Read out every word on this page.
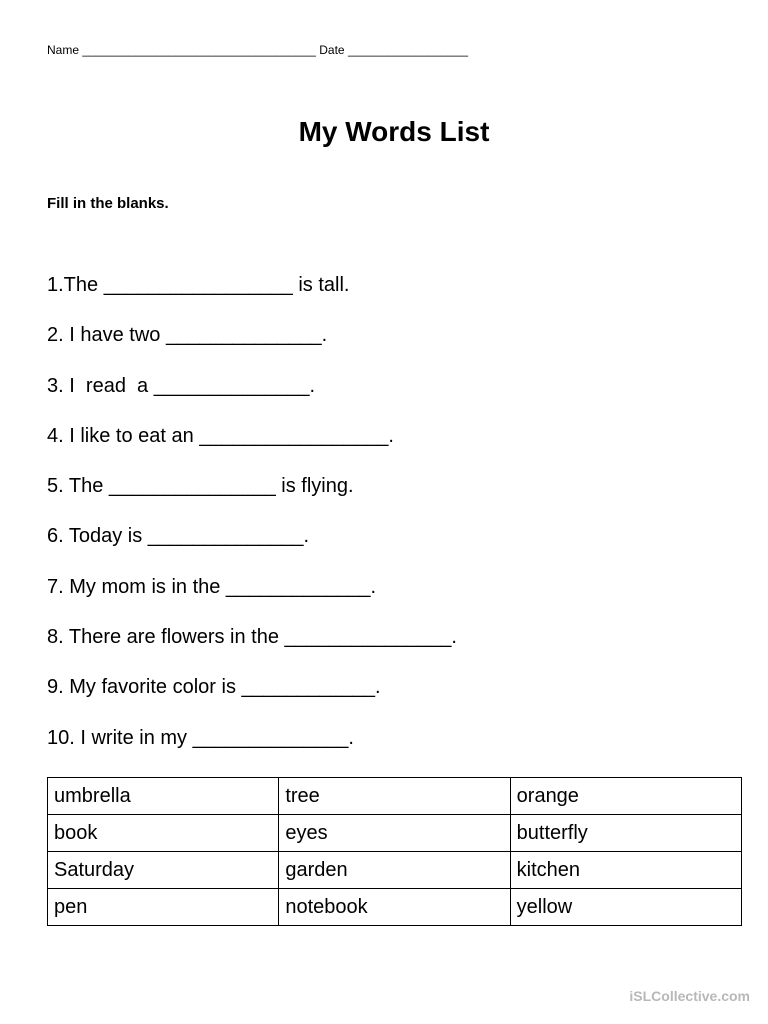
Name ___________________________________ Date __________________
My Words List
Fill in the blanks.
1.The _________________ is tall.
2. I have two ______________.
3. I  read  a ______________.
4. I like to eat an _________________.
5. The _______________ is flying.
6. Today is ______________.
7. My mom is in the _____________.
8. There are flowers in the _______________.
9. My favorite color is ____________.
10. I write in my ______________.
umbrella	tree	orange
book	eyes	butterfly
Saturday	garden	kitchen
pen	notebook	yellow
iSLCollective.com
